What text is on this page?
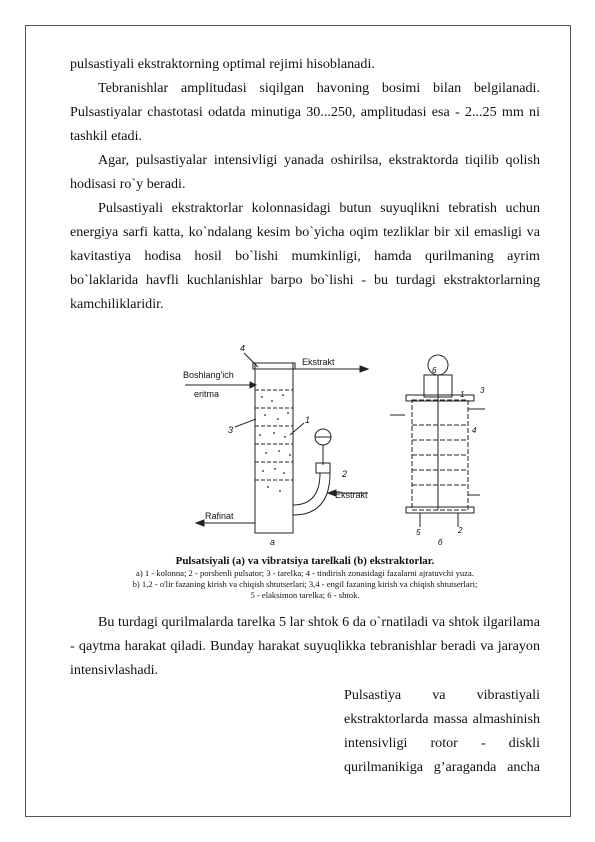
pulsastiyali ekstraktorning optimal rejimi hisoblanadi.

Tebranishlar amplitudasi siqilgan havoning bosimi bilan belgilanadi. Pulsastiyalar chastotasi odatda minutiga 30...250, amplitudasi esa - 2...25 mm ni tashkil etadi.

Agar, pulsastiyalar intensivligi yanada oshirilsa, ekstraktorda tiqilib qolish hodisasi ro`y beradi.

Pulsastiyali ekstraktorlar kolonnasidagi butun suyuqlikni tebratish uchun energiya sarfi katta, ko`ndalang kesim bo`yicha oqim tezliklar bir xil emasligi va kavitastiya hodisa hosil bo`lishi mumkinligi, hamda qurilmaning ayrim bo`laklarida havfli kuchlanishlar barpo bo`lishi - bu turdagi ekstraktorlarning kamchiliklaridir.

Ekstrakt
Boshlang'ich
eritma
Ekstrakt
Rafinat
4
1
3
2
a
1
2
3
4
5
6
б
Pulsatsiyali (a) va vibratsiya tarelkali (b) ekstraktorlar.
a) 1 - kolonna; 2 - porshenli pulsator; 3 - tarelka; 4 - tindirish zonasidagi fazalarni ajratuvchi yuza.
b) 1,2 - o'lir fazaning kirish va chiqish shtutserlari; 3,4 - engil fazaning kirish va chiqish shtutserlari;
5 - elaksimon tarelka; 6 - shtok.

Bu turdagi qurilmalarda tarelka 5 lar shtok 6 da o`rnatiladi va shtok ilgarilama - qaytma harakat qiladi. Bunday harakat suyuqlikka tebranishlar beradi va jarayon intensivlashadi.

Pulsastiya va vibrastiyali

ekstraktorlarda massa almashinish

intensivligi rotor - diskli

qurilmanikiga g’araganda ancha
